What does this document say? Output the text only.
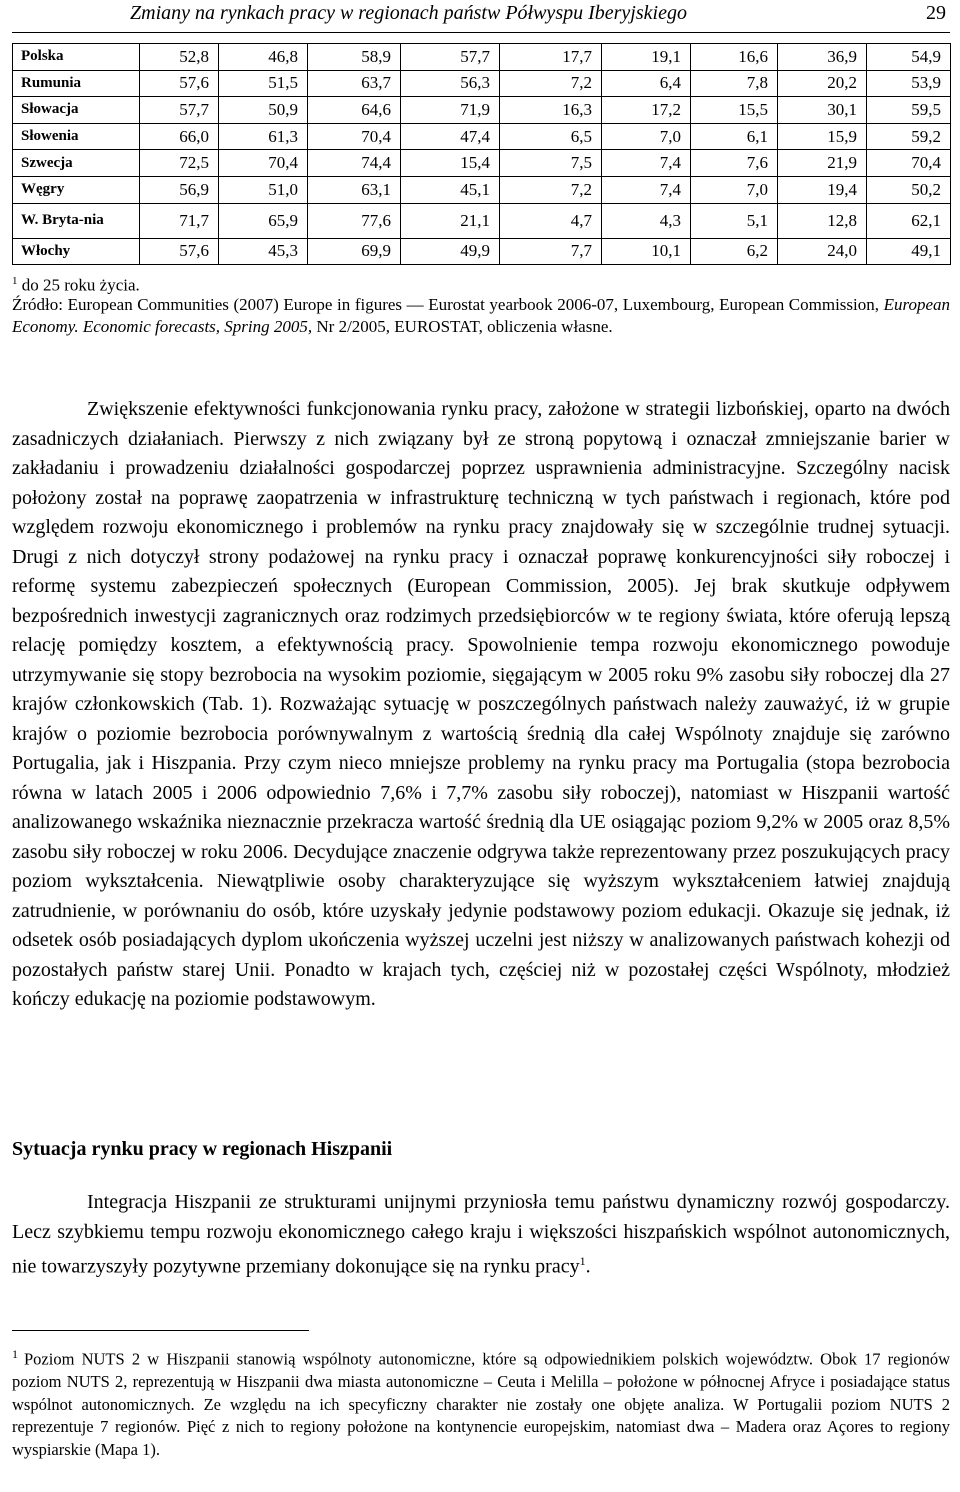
Zmiany na rynkach pracy w regionach państw Półwyspu Iberyjskiego	29
Polska	52,8	46,8	58,9	57,7	17,7	19,1	16,6	36,9	54,9
Rumunia	57,6	51,5	63,7	56,3	7,2	6,4	7,8	20,2	53,9
Słowacja	57,7	50,9	64,6	71,9	16,3	17,2	15,5	30,1	59,5
Słowenia	66,0	61,3	70,4	47,4	6,5	7,0	6,1	15,9	59,2
Szwecja	72,5	70,4	74,4	15,4	7,5	7,4	7,6	21,9	70,4
Węgry	56,9	51,0	63,1	45,1	7,2	7,4	7,0	19,4	50,2
W. Bryta-nia	71,7	65,9	77,6	21,1	4,7	4,3	5,1	12,8	62,1
Włochy	57,6	45,3	69,9	49,9	7,7	10,1	6,2	24,0	49,1
$^1$ do 25 roku życia.
Źródło: European Communities (2007) Europe in figures — Eurostat yearbook 2006-07, Luxembourg, European Commission, European Economy. Economic forecasts, Spring 2005, Nr 2/2005, EUROSTAT, obliczenia własne.

Zwiększenie efektywności funkcjonowania rynku pracy, założone w strategii lizbońskiej, oparto na dwóch zasadniczych działaniach. Pierwszy z nich związany był ze stroną popytową i oznaczał zmniejszanie barier w zakładaniu i prowadzeniu działalności gospodarczej poprzez usprawnienia administracyjne. Szczególny nacisk położony został na poprawę zaopatrzenia w infrastrukturę techniczną w tych państwach i regionach, które pod względem rozwoju ekonomicznego i problemów na rynku pracy znajdowały się w szczególnie trudnej sytuacji. Drugi z nich dotyczył strony podażowej na rynku pracy i oznaczał poprawę konkurencyjności siły roboczej i reformę systemu zabezpieczeń społecznych (European Commission, 2005). Jej brak skutkuje odpływem bezpośrednich inwestycji zagranicznych oraz rodzimych przedsiębiorców w te regiony świata, które oferują lepszą relację pomiędzy kosztem, a efektywnością pracy. Spowolnienie tempa rozwoju ekonomicznego powoduje utrzymywanie się stopy bezrobocia na wysokim poziomie, sięgającym w 2005 roku 9% zasobu siły roboczej dla 27 krajów członkowskich (Tab. 1). Rozważając sytuację w poszczególnych państwach należy zauważyć, iż w grupie krajów o poziomie bezrobocia porównywalnym z wartością średnią dla całej Wspólnoty znajduje się zarówno Portugalia, jak i Hiszpania. Przy czym nieco mniejsze problemy na rynku pracy ma Portugalia (stopa bezrobocia równa w latach 2005 i 2006 odpowiednio 7,6% i 7,7% zasobu siły roboczej), natomiast w Hiszpanii wartość analizowanego wskaźnika nieznacznie przekracza wartość średnią dla UE osiągając poziom 9,2% w 2005 oraz 8,5% zasobu siły roboczej w roku 2006. Decydujące znaczenie odgrywa także reprezentowany przez poszukujących pracy poziom wykształcenia. Niewątpliwie osoby charakteryzujące się wyższym wykształceniem łatwiej znajdują zatrudnienie, w porównaniu do osób, które uzyskały jedynie podstawowy poziom edukacji. Okazuje się jednak, iż odsetek osób posiadających dyplom ukończenia wyższej uczelni jest niższy w analizowanych państwach kohezji od pozostałych państw starej Unii. Ponadto w krajach tych, częściej niż w pozostałej części Wspólnoty, młodzież kończy edukację na poziomie podstawowym.

Sytuacja rynku pracy w regionach Hiszpanii

Integracja Hiszpanii ze strukturami unijnymi przyniosła temu państwu dynamiczny rozwój gospodarczy. Lecz szybkiemu tempu rozwoju ekonomicznego całego kraju i większości hiszpańskich wspólnot autonomicznych, nie towarzyszyły pozytywne przemiany dokonujące się na rynku pracy$^1$.

$^1$ Poziom NUTS 2 w Hiszpanii stanowią wspólnoty autonomiczne, które są odpowiednikiem polskich województw. Obok 17 regionów poziom NUTS 2, reprezentują w Hiszpanii dwa miasta autonomiczne – Ceuta i Melilla – położone w północnej Afryce i posiadające status wspólnot autonomicznych. Ze względu na ich specyficzny charakter nie zostały one objęte analiza. W Portugalii poziom NUTS 2 reprezentuje 7 regionów. Pięć z nich to regiony położone na kontynencie europejskim, natomiast dwa – Madera oraz Açores to regiony wyspiarskie (Mapa 1).
